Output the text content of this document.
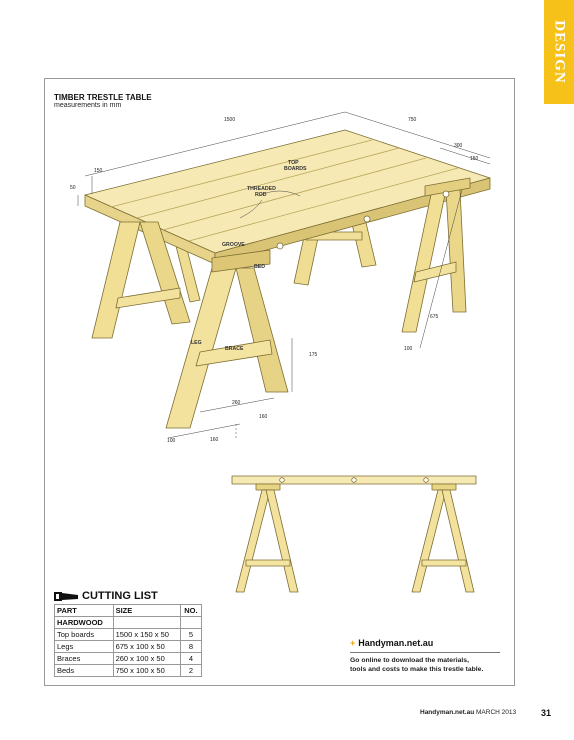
DESIGN
TIMBER TRESTLE TABLE
measurements in mm
TOP
BOARDS
THREADED
ROD
GROOVE
BED
LEG
BRACE
1500	750
300
150
150
50
675
100
175
260
160
100	160
CUTTING LIST
PART	SIZE	NO.
HARDWOOD		
Top boards	1500 x 150 x 50	5
Legs	675 x 100 x 50	8
Braces	260 x 100 x 50	4
Beds	750 x 100 x 50	2
+ Handyman.net.au
Go online to download the materials,
tools and costs to make this trestle table.
Handyman.net.au MARCH 2013	31
